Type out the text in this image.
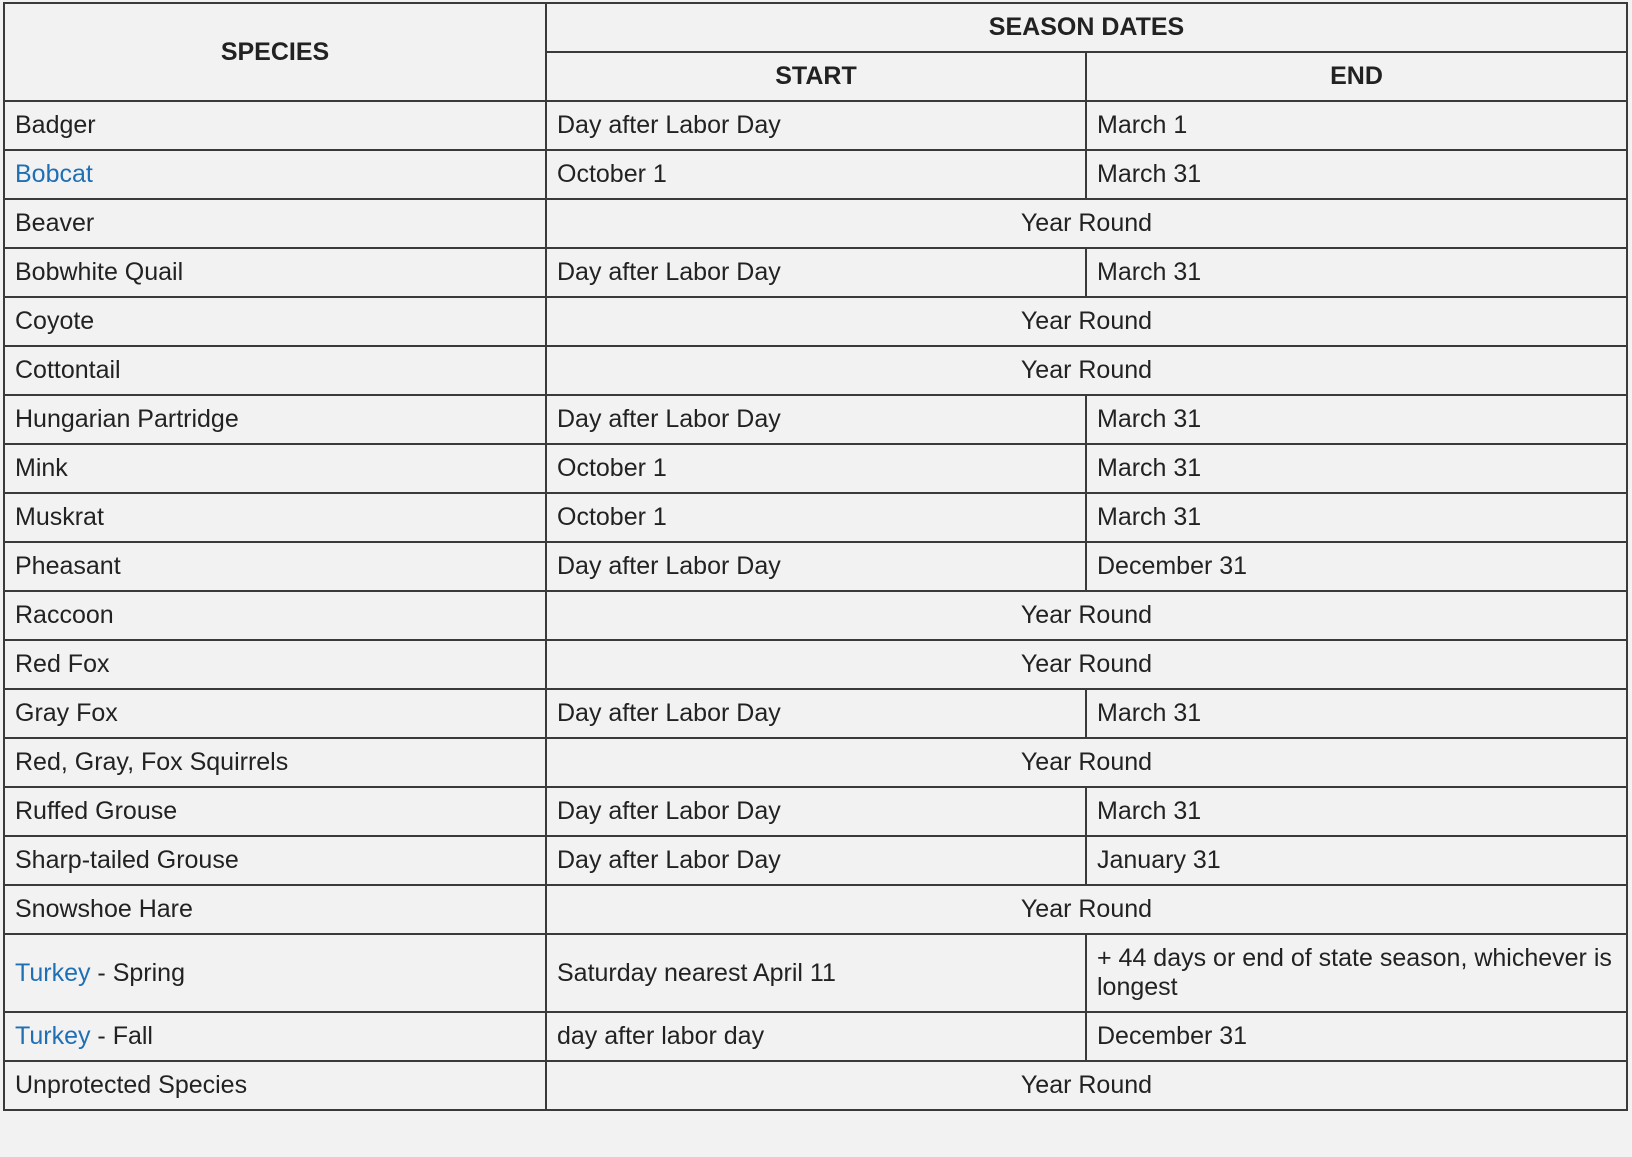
SPECIES	SEASON DATES	
	START	END
Badger	Day after Labor Day	March 1
Bobcat	October 1	March 31
Beaver	Year Round	
Bobwhite Quail	Day after Labor Day	March 31
Coyote	Year Round	
Cottontail	Year Round	
Hungarian Partridge	Day after Labor Day	March 31
Mink	October 1	March 31
Muskrat	October 1	March 31
Pheasant	Day after Labor Day	December 31
Raccoon	Year Round	
Red Fox	Year Round	
Gray Fox	Day after Labor Day	March 31
Red, Gray, Fox Squirrels	Year Round	
Ruffed Grouse	Day after Labor Day	March 31
Sharp-tailed Grouse	Day after Labor Day	January 31
Snowshoe Hare	Year Round	
Turkey - Spring	Saturday nearest April 11	+ 44 days or end of state season, whichever is longest
Turkey - Fall	day after labor day	December 31
Unprotected Species	Year Round	
